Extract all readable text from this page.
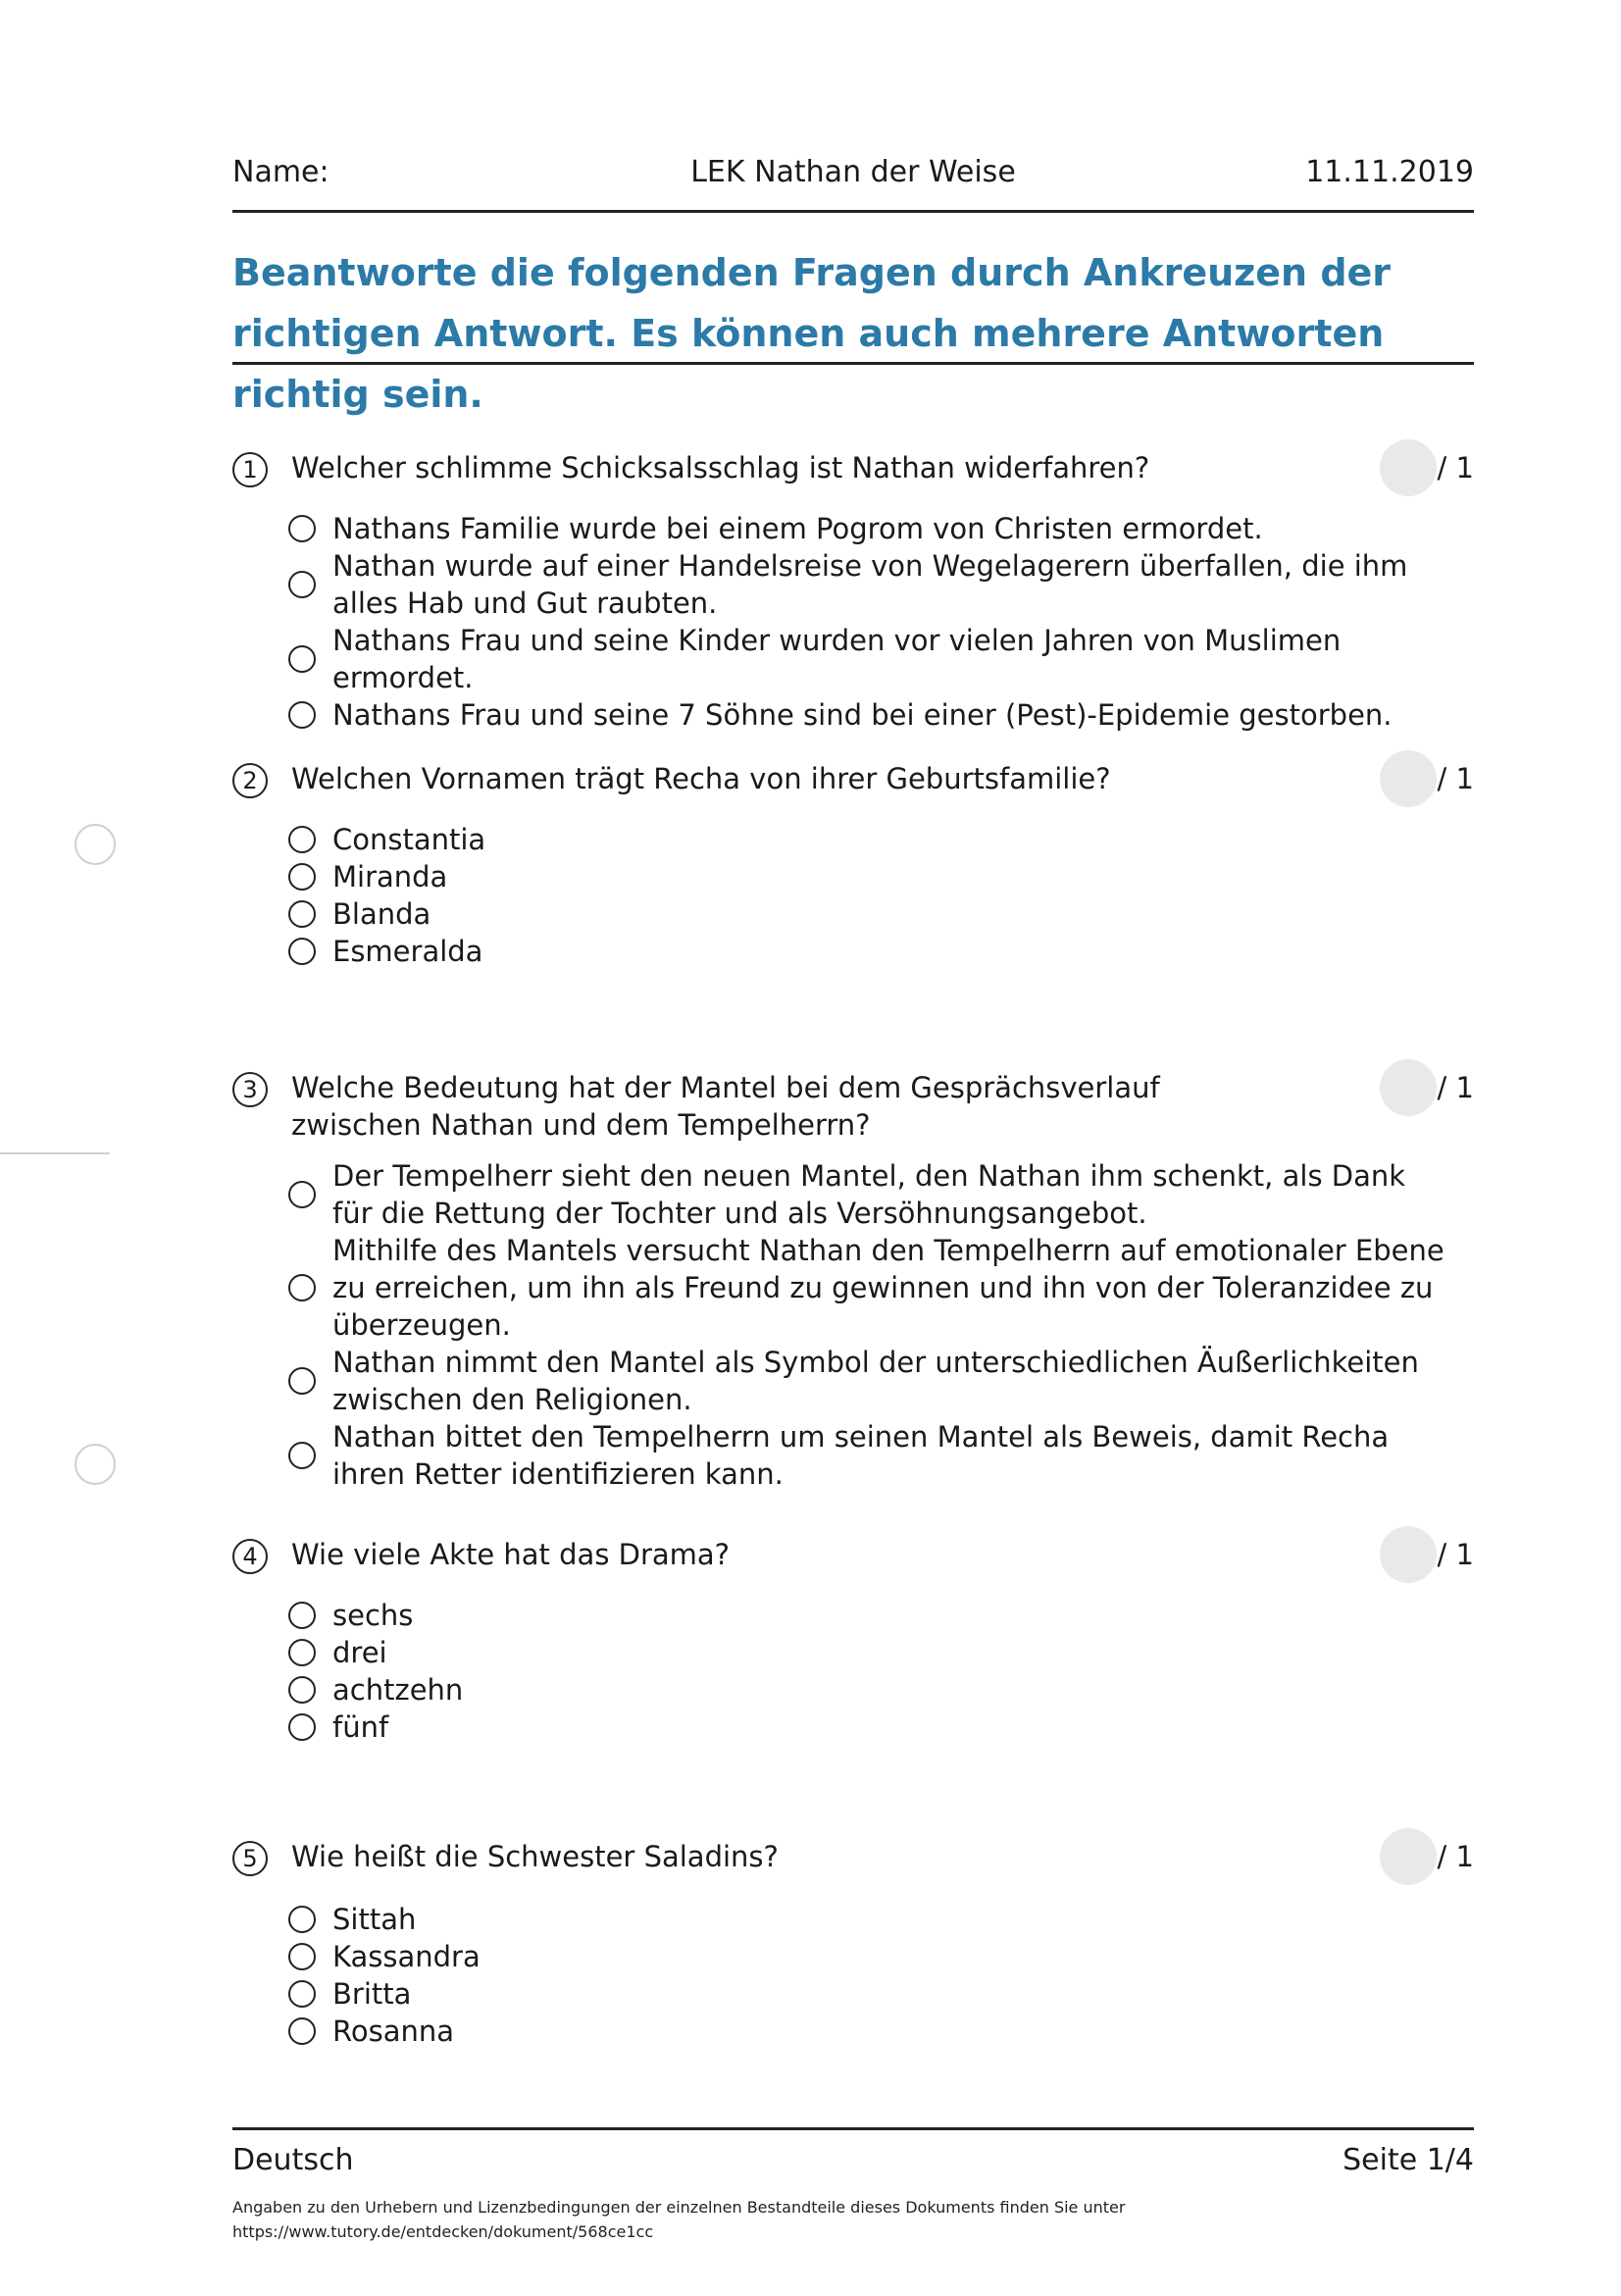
Name:	LEK Nathan der Weise	11.11.2019
Beantworte die folgenden Fragen durch Ankreuzen der richtigen Antwort. Es können auch mehrere Antworten richtig sein.
1	Welcher schlimme Schicksalsschlag ist Nathan widerfahren?	/ 1
Nathans Familie wurde bei einem Pogrom von Christen ermordet.
Nathan wurde auf einer Handelsreise von Wegelagerern überfallen, die ihm alles Hab und Gut raubten.
Nathans Frau und seine Kinder wurden vor vielen Jahren von Muslimen ermordet.
Nathans Frau und seine 7 Söhne sind bei einer (Pest)-Epidemie gestorben.
2	Welchen Vornamen trägt Recha von ihrer Geburtsfamilie?	/ 1
Constantia
Miranda
Blanda
Esmeralda
3	Welche Bedeutung hat der Mantel bei dem Gesprächsverlauf zwischen Nathan und dem Tempelherrn?
/ 1
Der Tempelherr sieht den neuen Mantel, den Nathan ihm schenkt, als Dank für die Rettung der Tochter und als Versöhnungsangebot.
Mithilfe des Mantels versucht Nathan den Tempelherrn auf emotionaler Ebene zu erreichen, um ihn als Freund zu gewinnen und ihn von der Toleranzidee zu überzeugen.
Nathan nimmt den Mantel als Symbol der unterschiedlichen Äußerlichkeiten zwischen den Religionen.
Nathan bittet den Tempelherrn um seinen Mantel als Beweis, damit Recha ihren Retter identifizieren kann.
4	Wie viele Akte hat das Drama?	/ 1
sechs
drei
achtzehn
fünf
5	Wie heißt die Schwester Saladins?	/ 1
Sittah
Kassandra
Britta
Rosanna
Deutsch	Seite 1/4
Angaben zu den Urhebern und Lizenzbedingungen der einzelnen Bestandteile dieses Dokuments finden Sie unter
https://www.tutory.de/entdecken/dokument/568ce1cc
